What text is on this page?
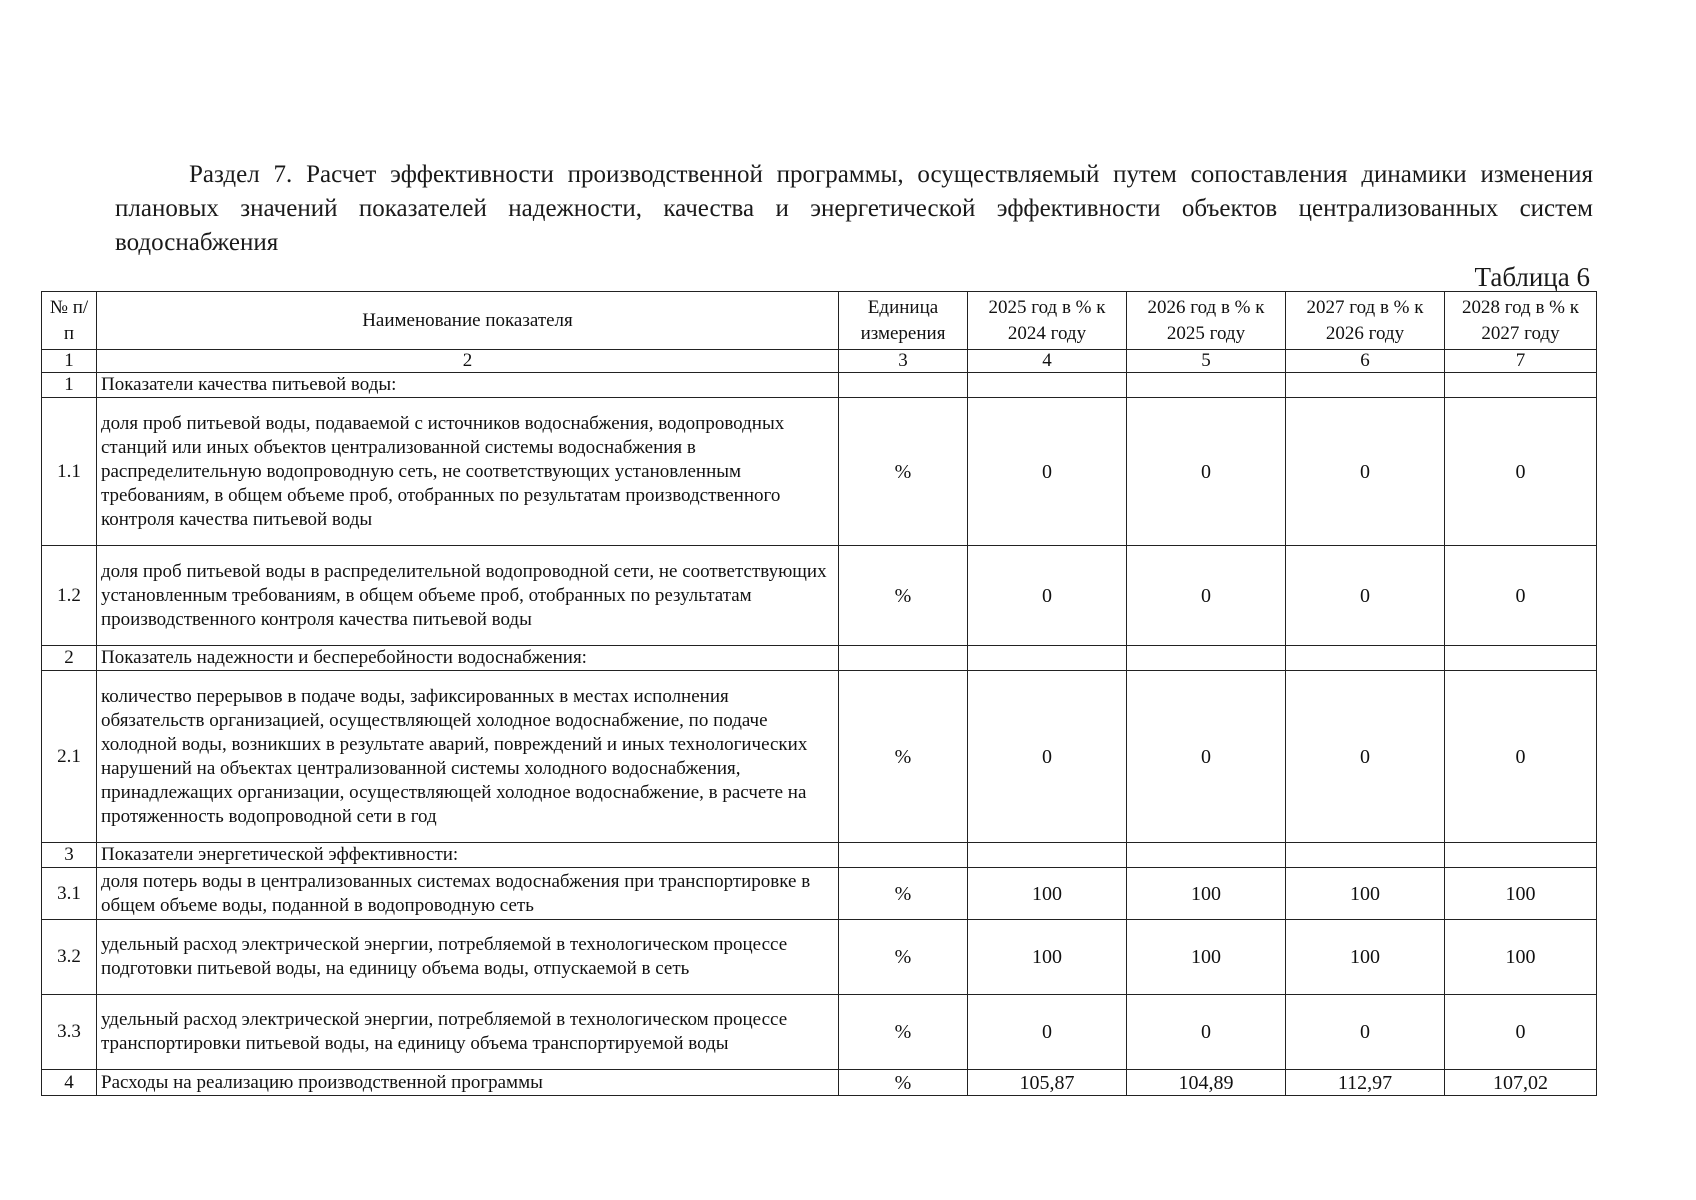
Раздел 7. Расчет эффективности производственной программы, осуществляемый путем сопоставления динамики изменения плановых значений показателей надежности, качества и энергетической эффективности объектов централизованных систем водоснабжения
Таблица 6
№ п/п	Наименование показателя	Единица измерения	2025 год в % к 2024 году	2026 год в % к 2025 году	2027 год в % к 2026 году	2028 год в % к 2027 году
1	2	3	4	5	6	7
1	Показатели качества питьевой воды:					
1.1	доля проб питьевой воды, подаваемой с источников водоснабжения, водопроводных станций или иных объектов централизованной системы водоснабжения в распределительную водопроводную сеть, не соответствующих установленным требованиям, в общем объеме проб, отобранных по результатам производственного контроля качества питьевой воды	%	0	0	0	0
1.2	доля проб питьевой воды в распределительной водопроводной сети, не соответствующих установленным требованиям, в общем объеме проб, отобранных по результатам производственного контроля качества питьевой воды	%	0	0	0	0
2	Показатель надежности и бесперебойности водоснабжения:					
2.1	количество перерывов в подаче воды, зафиксированных в местах исполнения обязательств организацией, осуществляющей холодное водоснабжение, по подаче холодной воды, возникших в результате аварий, повреждений и иных технологических нарушений на объектах централизованной системы холодного водоснабжения, принадлежащих организации, осуществляющей холодное водоснабжение, в расчете на протяженность водопроводной сети в год	%	0	0	0	0
3	Показатели энергетической эффективности:					
3.1	доля потерь воды в централизованных системах водоснабжения при транспортировке в общем объеме воды, поданной в водопроводную сеть	%	100	100	100	100
3.2	удельный расход электрической энергии, потребляемой в технологическом процессе подготовки питьевой воды, на единицу объема воды, отпускаемой в сеть	%	100	100	100	100
3.3	удельный расход электрической энергии, потребляемой в технологическом процессе транспортировки питьевой воды, на единицу объема транспортируемой воды	%	0	0	0	0
4	Расходы на реализацию производственной программы	%	105,87	104,89	112,97	107,02
